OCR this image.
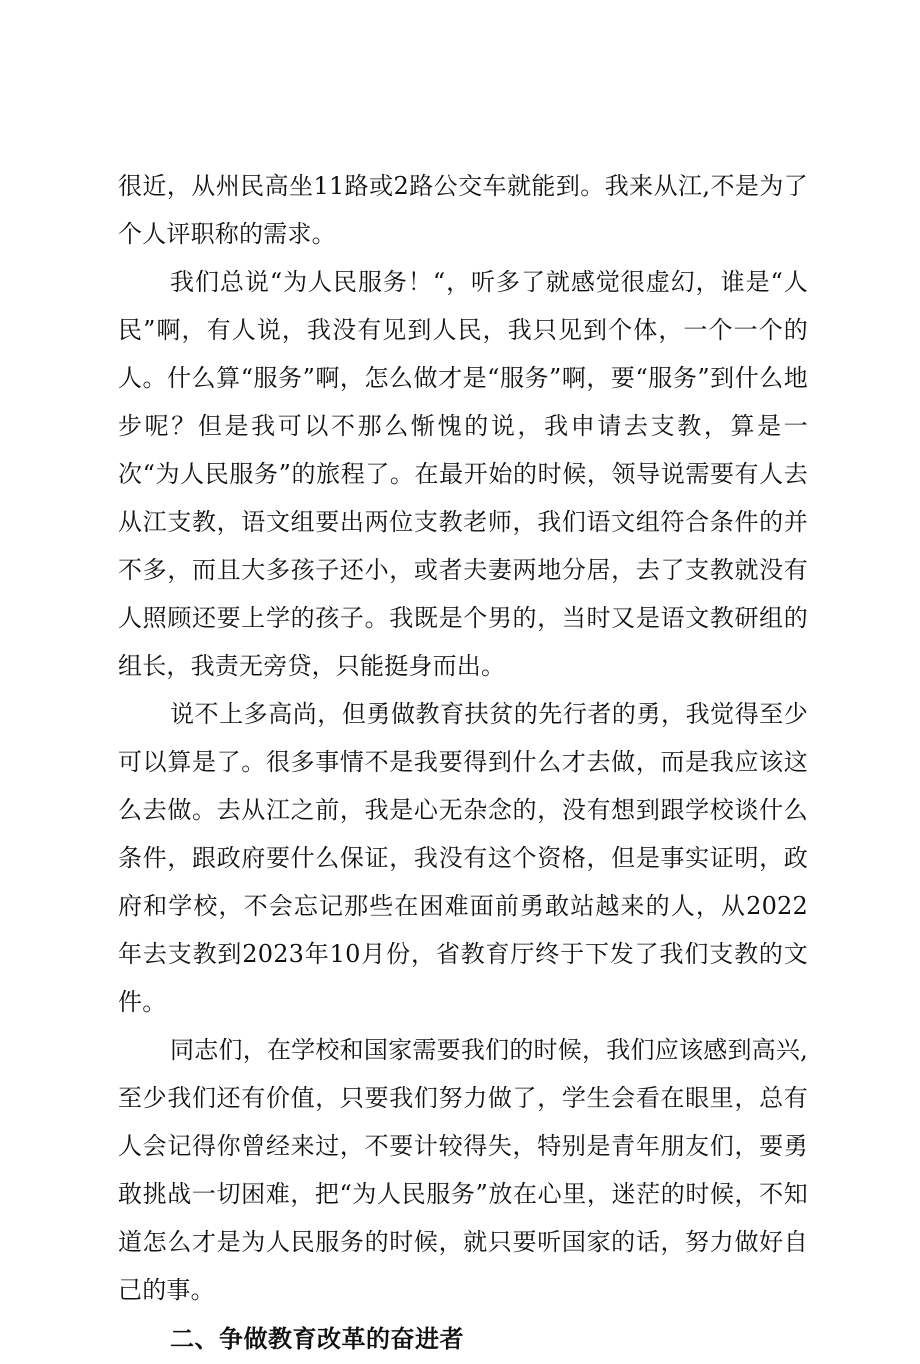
很近，从州民高坐11路或2路公交车就能到。我来从江,不是为了个人评职称的需求。

我们总说“为人民服务！“，听多了就感觉很虚幻，谁是“人民”啊，有人说，我没有见到人民，我只见到个体，一个一个的人。什么算“服务”啊，怎么做才是“服务”啊，要“服务”到什么地步呢？但是我可以不那么惭愧的说，我申请去支教，算是一次“为人民服务”的旅程了。在最开始的时候，领导说需要有人去从江支教，语文组要出两位支教老师，我们语文组符合条件的并不多，而且大多孩子还小，或者夫妻两地分居，去了支教就没有人照顾还要上学的孩子。我既是个男的，当时又是语文教研组的组长，我责无旁贷，只能挺身而出。

说不上多高尚，但勇做教育扶贫的先行者的勇，我觉得至少可以算是了。很多事情不是我要得到什么才去做，而是我应该这么去做。去从江之前，我是心无杂念的，没有想到跟学校谈什么条件，跟政府要什么保证，我没有这个资格，但是事实证明，政府和学校，不会忘记那些在困难面前勇敢站越来的人，从2022年去支教到2023年10月份，省教育厅终于下发了我们支教的文件。

同志们，在学校和国家需要我们的时候，我们应该感到高兴,至少我们还有价值，只要我们努力做了，学生会看在眼里，总有人会记得你曾经来过，不要计较得失，特别是青年朋友们，要勇敢挑战一切困难，把“为人民服务”放在心里，迷茫的时候，不知道怎么才是为人民服务的时候，就只要听国家的话，努力做好自己的事。

二、争做教育改革的奋进者
